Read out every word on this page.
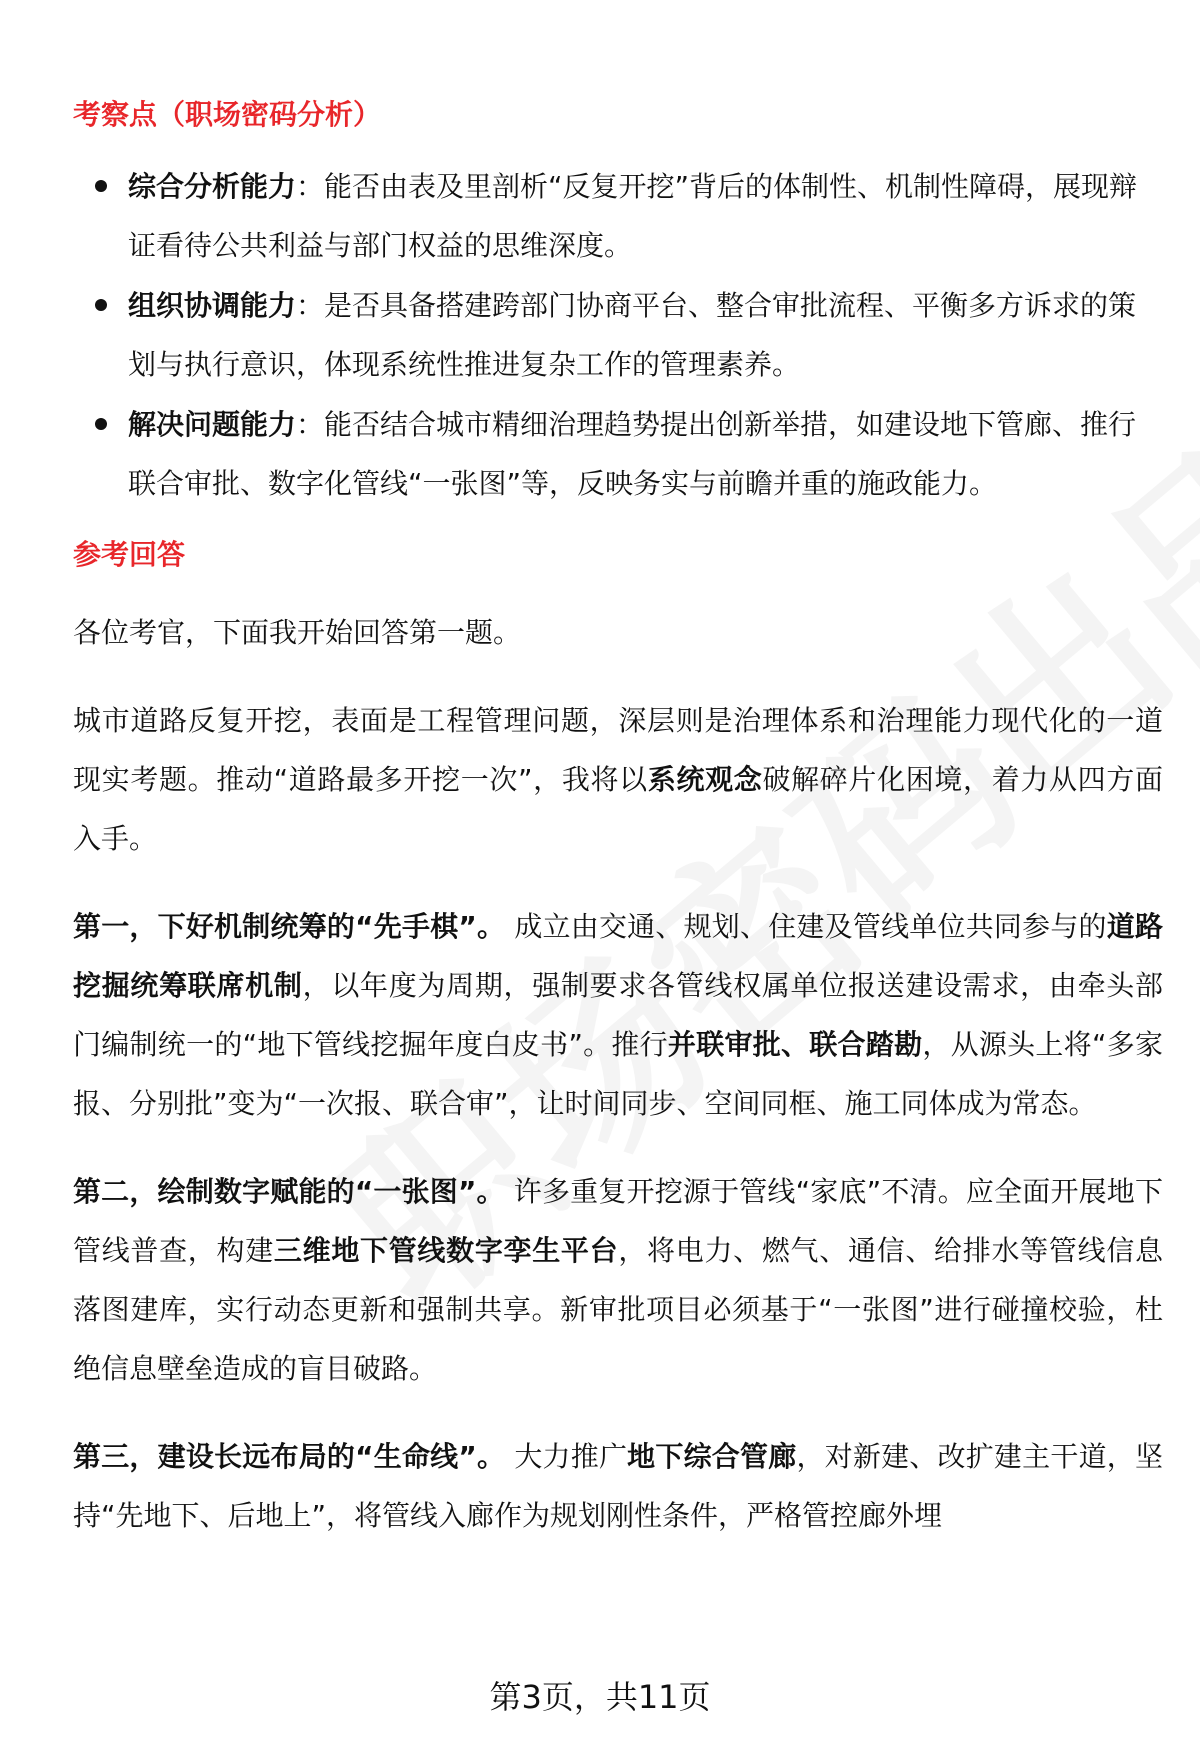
考察点（职场密码分析）
综合分析能力：能否由表及里剖析“反复开挖”背后的体制性、机制性障碍，展现辩证看待公共利益与部门权益的思维深度。
组织协调能力：是否具备搭建跨部门协商平台、整合审批流程、平衡多方诉求的策划与执行意识，体现系统性推进复杂工作的管理素养。
解决问题能力：能否结合城市精细治理趋势提出创新举措，如建设地下管廊、推行联合审批、数字化管线“一张图”等，反映务实与前瞻并重的施政能力。
参考回答

各位考官，下面我开始回答第一题。

城市道路反复开挖，表面是工程管理问题，深层则是治理体系和治理能力现代化的一道现实考题。推动“道路最多开挖一次”，我将以系统观念破解碎片化困境，着力从四方面入手。

第一，下好机制统筹的“先手棋”。 成立由交通、规划、住建及管线单位共同参与的道路挖掘统筹联席机制，以年度为周期，强制要求各管线权属单位报送建设需求，由牵头部门编制统一的“地下管线挖掘年度白皮书”。推行并联审批、联合踏勘，从源头上将“多家报、分别批”变为“一次报、联合审”，让时间同步、空间同框、施工同体成为常态。

第二，绘制数字赋能的“一张图”。 许多重复开挖源于管线“家底”不清。应全面开展地下管线普查，构建三维地下管线数字孪生平台，将电力、燃气、通信、给排水等管线信息落图建库，实行动态更新和强制共享。新审批项目必须基于“一张图”进行碰撞校验，杜绝信息壁垒造成的盲目破路。

第三，建设长远布局的“生命线”。 大力推广地下综合管廊，对新建、改扩建主干道，坚持“先地下、后地上”，将管线入廊作为规划刚性条件，严格管控廊外埋

第3页，共11页
